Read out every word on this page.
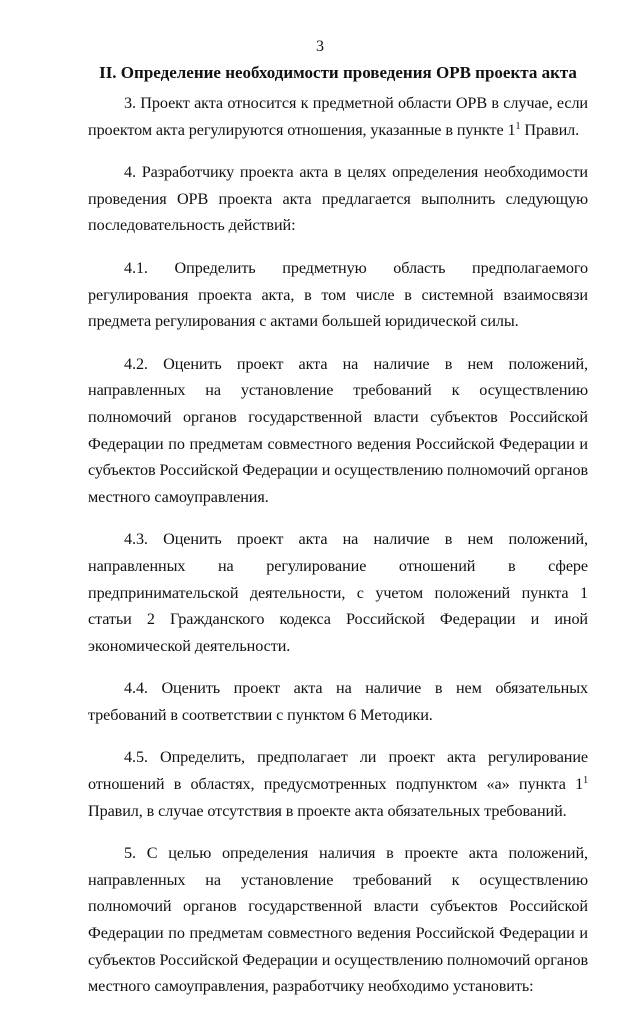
3
II. Определение необходимости проведения ОРВ проекта акта

3. Проект акта относится к предметной области ОРВ в случае, если проектом акта регулируются отношения, указанные в пункте $1^1$ Правил.

4. Разработчику проекта акта в целях определения необходимости проведения ОРВ проекта акта предлагается выполнить следующую последовательность действий:

4.1. Определить предметную область предполагаемого регулирования проекта акта, в том числе в системной взаимосвязи предмета регулирования с актами большей юридической силы.

4.2. Оценить проект акта на наличие в нем положений, направленных на установление требований к осуществлению полномочий органов государственной власти субъектов Российской Федерации по предметам совместного ведения Российской Федерации и субъектов Российской Федерации и осуществлению полномочий органов местного самоуправления.

4.3. Оценить проект акта на наличие в нем положений, направленных на регулирование отношений в сфере предпринимательской деятельности, с учетом положений пункта 1 статьи 2 Гражданского кодекса Российской Федерации и иной экономической деятельности.

4.4. Оценить проект акта на наличие в нем обязательных требований в соответствии с пунктом 6 Методики.

4.5. Определить, предполагает ли проект акта регулирование отношений в областях, предусмотренных подпунктом «а» пункта $1^1$ Правил, в случае отсутствия в проекте акта обязательных требований.

5. С целью определения наличия в проекте акта положений, направленных на установление требований к осуществлению полномочий органов государственной власти субъектов Российской Федерации по предметам совместного ведения Российской Федерации и субъектов Российской Федерации и осуществлению полномочий органов местного самоуправления, разработчику необходимо установить:
